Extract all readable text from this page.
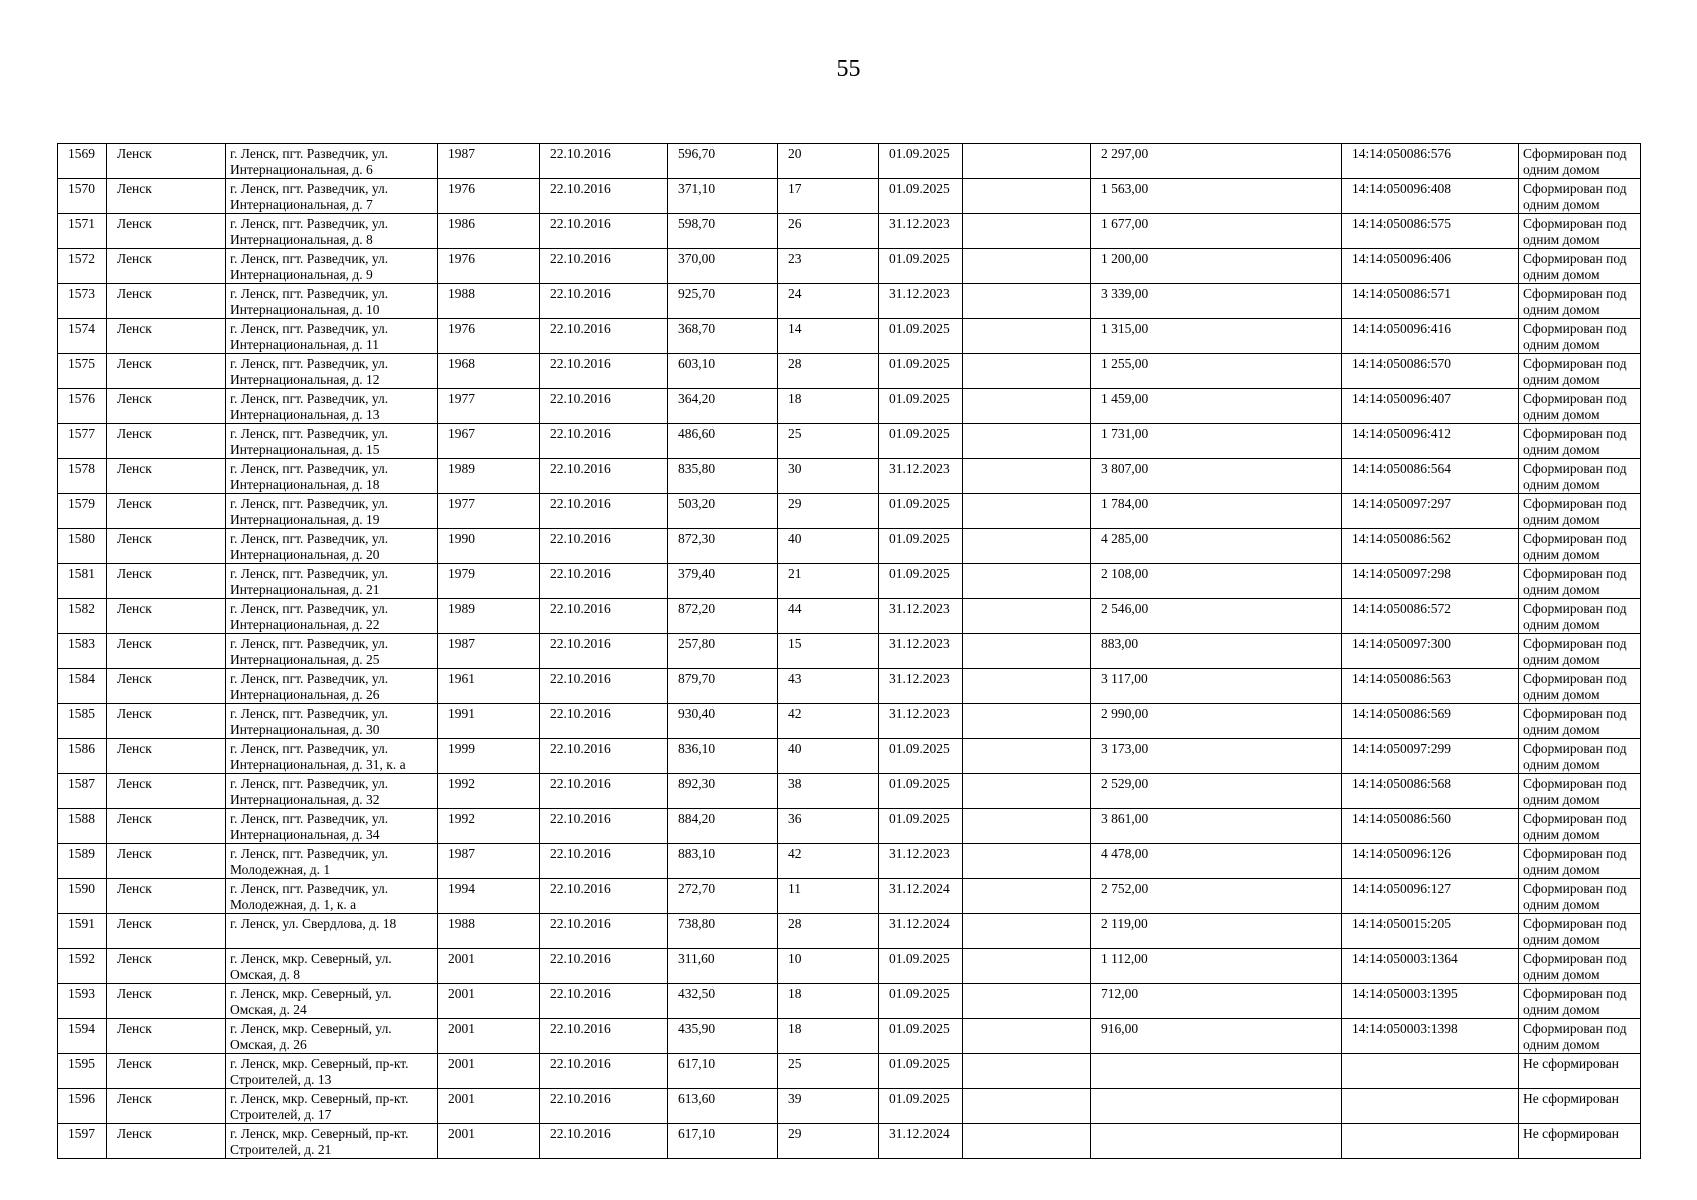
55
1569	Ленск	г. Ленск, пгт. Разведчик, ул. Интернациональная, д. 6	1987	22.10.2016	596,70	20	01.09.2025		2 297,00	14:14:050086:576	Сформирован под одним домом
1570	Ленск	г. Ленск, пгт. Разведчик, ул. Интернациональная, д. 7	1976	22.10.2016	371,10	17	01.09.2025		1 563,00	14:14:050096:408	Сформирован под одним домом
1571	Ленск	г. Ленск, пгт. Разведчик, ул. Интернациональная, д. 8	1986	22.10.2016	598,70	26	31.12.2023		1 677,00	14:14:050086:575	Сформирован под одним домом
1572	Ленск	г. Ленск, пгт. Разведчик, ул. Интернациональная, д. 9	1976	22.10.2016	370,00	23	01.09.2025		1 200,00	14:14:050096:406	Сформирован под одним домом
1573	Ленск	г. Ленск, пгт. Разведчик, ул. Интернациональная, д. 10	1988	22.10.2016	925,70	24	31.12.2023		3 339,00	14:14:050086:571	Сформирован под одним домом
1574	Ленск	г. Ленск, пгт. Разведчик, ул. Интернациональная, д. 11	1976	22.10.2016	368,70	14	01.09.2025		1 315,00	14:14:050096:416	Сформирован под одним домом
1575	Ленск	г. Ленск, пгт. Разведчик, ул. Интернациональная, д. 12	1968	22.10.2016	603,10	28	01.09.2025		1 255,00	14:14:050086:570	Сформирован под одним домом
1576	Ленск	г. Ленск, пгт. Разведчик, ул. Интернациональная, д. 13	1977	22.10.2016	364,20	18	01.09.2025		1 459,00	14:14:050096:407	Сформирован под одним домом
1577	Ленск	г. Ленск, пгт. Разведчик, ул. Интернациональная, д. 15	1967	22.10.2016	486,60	25	01.09.2025		1 731,00	14:14:050096:412	Сформирован под одним домом
1578	Ленск	г. Ленск, пгт. Разведчик, ул. Интернациональная, д. 18	1989	22.10.2016	835,80	30	31.12.2023		3 807,00	14:14:050086:564	Сформирован под одним домом
1579	Ленск	г. Ленск, пгт. Разведчик, ул. Интернациональная, д. 19	1977	22.10.2016	503,20	29	01.09.2025		1 784,00	14:14:050097:297	Сформирован под одним домом
1580	Ленск	г. Ленск, пгт. Разведчик, ул. Интернациональная, д. 20	1990	22.10.2016	872,30	40	01.09.2025		4 285,00	14:14:050086:562	Сформирован под одним домом
1581	Ленск	г. Ленск, пгт. Разведчик, ул. Интернациональная, д. 21	1979	22.10.2016	379,40	21	01.09.2025		2 108,00	14:14:050097:298	Сформирован под одним домом
1582	Ленск	г. Ленск, пгт. Разведчик, ул. Интернациональная, д. 22	1989	22.10.2016	872,20	44	31.12.2023		2 546,00	14:14:050086:572	Сформирован под одним домом
1583	Ленск	г. Ленск, пгт. Разведчик, ул. Интернациональная, д. 25	1987	22.10.2016	257,80	15	31.12.2023		883,00	14:14:050097:300	Сформирован под одним домом
1584	Ленск	г. Ленск, пгт. Разведчик, ул. Интернациональная, д. 26	1961	22.10.2016	879,70	43	31.12.2023		3 117,00	14:14:050086:563	Сформирован под одним домом
1585	Ленск	г. Ленск, пгт. Разведчик, ул. Интернациональная, д. 30	1991	22.10.2016	930,40	42	31.12.2023		2 990,00	14:14:050086:569	Сформирован под одним домом
1586	Ленск	г. Ленск, пгт. Разведчик, ул. Интернациональная, д. 31, к. а	1999	22.10.2016	836,10	40	01.09.2025		3 173,00	14:14:050097:299	Сформирован под одним домом
1587	Ленск	г. Ленск, пгт. Разведчик, ул. Интернациональная, д. 32	1992	22.10.2016	892,30	38	01.09.2025		2 529,00	14:14:050086:568	Сформирован под одним домом
1588	Ленск	г. Ленск, пгт. Разведчик, ул. Интернациональная, д. 34	1992	22.10.2016	884,20	36	01.09.2025		3 861,00	14:14:050086:560	Сформирован под одним домом
1589	Ленск	г. Ленск, пгт. Разведчик, ул. Молодежная, д. 1	1987	22.10.2016	883,10	42	31.12.2023		4 478,00	14:14:050096:126	Сформирован под одним домом
1590	Ленск	г. Ленск, пгт. Разведчик, ул. Молодежная, д. 1, к. а	1994	22.10.2016	272,70	11	31.12.2024		2 752,00	14:14:050096:127	Сформирован под одним домом
1591	Ленск	г. Ленск, ул. Свердлова, д. 18	1988	22.10.2016	738,80	28	31.12.2024		2 119,00	14:14:050015:205	Сформирован под одним домом
1592	Ленск	г. Ленск, мкр. Северный, ул. Омская, д. 8	2001	22.10.2016	311,60	10	01.09.2025		1 112,00	14:14:050003:1364	Сформирован под одним домом
1593	Ленск	г. Ленск, мкр. Северный, ул. Омская, д. 24	2001	22.10.2016	432,50	18	01.09.2025		712,00	14:14:050003:1395	Сформирован под одним домом
1594	Ленск	г. Ленск, мкр. Северный, ул. Омская, д. 26	2001	22.10.2016	435,90	18	01.09.2025		916,00	14:14:050003:1398	Сформирован под одним домом
1595	Ленск	г. Ленск, мкр. Северный, пр-кт. Строителей, д. 13	2001	22.10.2016	617,10	25	01.09.2025				Не сформирован
1596	Ленск	г. Ленск, мкр. Северный, пр-кт. Строителей, д. 17	2001	22.10.2016	613,60	39	01.09.2025				Не сформирован
1597	Ленск	г. Ленск, мкр. Северный, пр-кт. Строителей, д. 21	2001	22.10.2016	617,10	29	31.12.2024				Не сформирован
